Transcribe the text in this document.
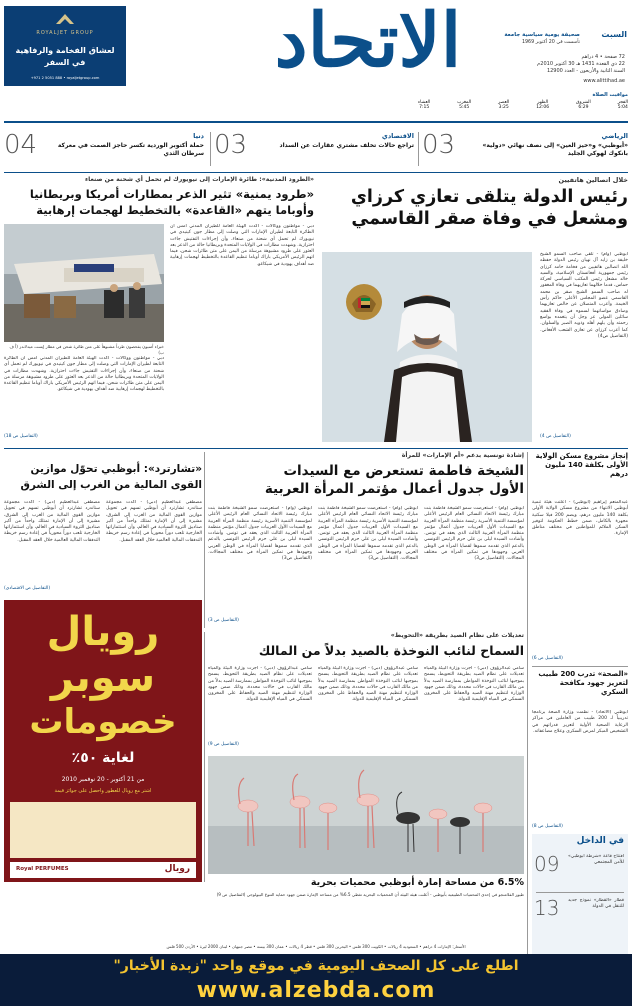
ROYALJET GROUP
لعشاق الفخامة والرفاهية
في السفر
+971 2 5051 888 • royaljetgroup.com	الاتحاد	السبت
صحيفة يومية سياسية جامعة
تأسست في 20 أكتوبر 1969
72 صفحة • 4 دراهم
22 ذي القعدة 1431 هـ 30 أكتوبر 2010م
السنة الثانية والأربعون - العدد 12900
www.alittihad.ae
مواقيت الصلاة
الفجر
5:04
الشروق
6:29
الظهر
12:06
العصر
3:25
المغرب
5:45
العشاء
7:15
03	الرياضي
«أبوظبي» و«خيز العين» إلى نصف نهائي «دولية» بانكوك لهوكي الجليد
03	الاقتصادي
تراجع حالات تخلف مشتري عقارات عن السداد
04	دنيا
حملة أكتوبر الوردية تكسر حاجز الصمت في معركة سرطان الثدي
خلال اتصالين هاتفيين
رئيس الدولة يتلقى تعازي كرزاي
ومشعل في وفاة صقر القاسمي

أبوظبي (وام) - تلقى صاحب السمو الشيخ خليفة بن زايد آل نهيان رئيس الدولة حفظه الله اتصالين هاتفيين من فخامة حامد كرزاي رئيس جمهورية أفغانستان الإسلامية، والسيد خالد مشعل رئيس المكتب السياسي لحركة حماس، قدما خلالهما تعازيهما في وفاة المغفور له صاحب السمو الشيخ صقر بن محمد القاسمي عضو المجلس الأعلى حاكم رأس الخيمة. وأعرب المتصلان عن خالص تعازيهما وصادق مواساتهما لسموه في وفاة الفقيد سائلين المولى عز وجل أن يتغمده بواسع رحمته وأن يلهم أهله وذويه الصبر والسلوان. كما أعرب كرزاي عن تعازي الشعب الأفغاني. (التفاصيل ص4)

(التفاصيل ص 4)
«الطرود المدنية»: طائرة الإمارات إلى نيويورك لم تحمل أي شحنة من صنعاء
«طرود يمنية» تثير الذعر بمطارات أمريكا وبريطانيا
وأوباما يتهم «القاعدة» بالتخطيط لهجمات إرهابية
خبراء أمنيون يفحصون طرداً مشبوهاً على متن طائرة شحن في مطار إيست ميدلاندز (أ ف ب)

دبي - مواطنون ووكالات - أكدت الهيئة العامة للطيران المدني أمس أن الطائرة التابعة لطيران الإمارات التي وصلت إلى مطار جون كينيدي في نيويورك لم تحمل أي شحنة من صنعاء، وأن إجراءات التفتيش جاءت احترازية. وشهدت مطارات في الولايات المتحدة وبريطانيا حالة من الذعر بعد العثور على طرود مشبوهة مرسلة من اليمن على متن طائرات شحن، فيما اتهم الرئيس الأمريكي باراك أوباما تنظيم القاعدة بالتخطيط لهجمات إرهابية ضد أهداف يهودية في شيكاغو.

دبي - مواطنون ووكالات - أكدت الهيئة العامة للطيران المدني أمس أن الطائرة التابعة لطيران الإمارات التي وصلت إلى مطار جون كينيدي في نيويورك لم تحمل أي شحنة من صنعاء، وأن إجراءات التفتيش جاءت احترازية. وشهدت مطارات في الولايات المتحدة وبريطانيا حالة من الذعر بعد العثور على طرود مشبوهة مرسلة من اليمن على متن طائرات شحن، فيما اتهم الرئيس الأمريكي باراك أوباما تنظيم القاعدة بالتخطيط لهجمات إرهابية ضد أهداف يهودية في شيكاغو.

(التفاصيل ص 18)
إنجاز مشروع مسكن الولاية الأولى بكلفة 140 مليون درهم

عبدالمنعم إبراهيم (أبوظبي) - أعلنت هيئة تنمية أبوظبي الانتهاء من مشروع مسكن الولاية الأولى بكلفة 140 مليون درهم، ويضم 200 فيلا سكنية مجهزة بالكامل، ضمن خطط الحكومة لتوفير السكن الملائم للمواطنين في مختلف مناطق الإمارة.

(التفاصيل ص 6)
«الصحة» تدرب 200 طبيب لتعزيز جهود مكافحة السكري

أبوظبي (الاتحاد) - نظمت وزارة الصحة برنامجاً تدريبياً لـ 200 طبيب من العاملين في مراكز الرعاية الصحية الأولية لتعزيز قدراتهم في التشخيص المبكر لمرض السكري وعلاج مضاعفاته.

(التفاصيل ص 8)
في الداخل
09 افتتاح قاعة «شرطة أبوظبي» للأمن المجتمعي
13 قطار «القطار» نموذج جديد للتنقل في الدولة
إشادة تونسية بدعم «أم الإمارات» للمرأة
الشيخة فاطمة تستعرض مع السيدات
الأول جدول أعمال مؤتمر المرأة العربية

أبوظبي (وام) - استعرضت سمو الشيخة فاطمة بنت مبارك رئيسة الاتحاد النسائي العام الرئيس الأعلى لمؤسسة التنمية الأسرية رئيسة منظمة المرأة العربية مع السيدات الأول العربيات جدول أعمال مؤتمر منظمة المرأة العربية الثالث الذي يعقد في تونس. وأشادت السيدة ليلى بن علي حرم الرئيس التونسي بالدعم الذي تقدمه سموها لقضايا المرأة في الوطن العربي وجهودها في تمكين المرأة في مختلف المجالات. (التفاصيل ص3)

أبوظبي (وام) - استعرضت سمو الشيخة فاطمة بنت مبارك رئيسة الاتحاد النسائي العام الرئيس الأعلى لمؤسسة التنمية الأسرية رئيسة منظمة المرأة العربية مع السيدات الأول العربيات جدول أعمال مؤتمر منظمة المرأة العربية الثالث الذي يعقد في تونس. وأشادت السيدة ليلى بن علي حرم الرئيس التونسي بالدعم الذي تقدمه سموها لقضايا المرأة في الوطن العربي وجهودها في تمكين المرأة في مختلف المجالات. (التفاصيل ص3)

أبوظبي (وام) - استعرضت سمو الشيخة فاطمة بنت مبارك رئيسة الاتحاد النسائي العام الرئيس الأعلى لمؤسسة التنمية الأسرية رئيسة منظمة المرأة العربية مع السيدات الأول العربيات جدول أعمال مؤتمر منظمة المرأة العربية الثالث الذي يعقد في تونس. وأشادت السيدة ليلى بن علي حرم الرئيس التونسي بالدعم الذي تقدمه سموها لقضايا المرأة في الوطن العربي وجهودها في تمكين المرأة في مختلف المجالات. (التفاصيل ص3)

(التفاصيل ص 3)
«تشارترد»: أبوظبي تحوّل موازين
القوى المالية من الغرب إلى الشرق

مصطفى عبدالعظيم (دبي) - أكدت مجموعة ستاندرد تشارترد أن أبوظبي تسهم في تحويل موازين القوى المالية من الغرب إلى الشرق، مشيرة إلى أن الإمارة تمتلك واحداً من أكبر صناديق الثروة السيادية في العالم، وأن استثماراتها الخارجية تلعب دوراً محورياً في إعادة رسم خريطة التدفقات المالية العالمية خلال العقد المقبل.

مصطفى عبدالعظيم (دبي) - أكدت مجموعة ستاندرد تشارترد أن أبوظبي تسهم في تحويل موازين القوى المالية من الغرب إلى الشرق، مشيرة إلى أن الإمارة تمتلك واحداً من أكبر صناديق الثروة السيادية في العالم، وأن استثماراتها الخارجية تلعب دوراً محورياً في إعادة رسم خريطة التدفقات المالية العالمية خلال العقد المقبل.

(التفاصيل ص الاقتصادي)
رويال
سوبر
خصومات
لغاية ٥٠٪
من 21 أكتوبر - 20 نوفمبر 2010
اشتر مع رويال للعطور واحصل على جوائز قيمة
رويال
Royal PERFUMES
تعديلات على نظام الصيد بطريقة «التحويط»
السماح لنائب النوخذة بالصيد بدلاً من المالك

سامي عبدالرؤوف (دبي) - أجرت وزارة البيئة والمياه تعديلات على نظام الصيد بطريقة التحويط، يسمح بموجبها لنائب النوخذة المواطن بممارسة الصيد بدلاً من مالك القارب في حالات محددة، وذلك ضمن جهود الوزارة لتنظيم مهنة الصيد والحفاظ على المخزون السمكي في المياه الإقليمية للدولة.

سامي عبدالرؤوف (دبي) - أجرت وزارة البيئة والمياه تعديلات على نظام الصيد بطريقة التحويط، يسمح بموجبها لنائب النوخذة المواطن بممارسة الصيد بدلاً من مالك القارب في حالات محددة، وذلك ضمن جهود الوزارة لتنظيم مهنة الصيد والحفاظ على المخزون السمكي في المياه الإقليمية للدولة.

سامي عبدالرؤوف (دبي) - أجرت وزارة البيئة والمياه تعديلات على نظام الصيد بطريقة التحويط، يسمح بموجبها لنائب النوخذة المواطن بممارسة الصيد بدلاً من مالك القارب في حالات محددة، وذلك ضمن جهود الوزارة لتنظيم مهنة الصيد والحفاظ على المخزون السمكي في المياه الإقليمية للدولة.

(التفاصيل ص 9)
6.5% من مساحة إمارة أبوظبي محميات بحرية
طيور الفلامنجو في إحدى المحميات الطبيعية بأبوظبي - أعلنت هيئة البيئة أن المحميات البحرية تغطي 6.5% من مساحة الإمارة ضمن جهود حماية التنوع البيولوجي (التفاصيل ص 9)
الأسعار: الإمارات 4 دراهم • السعودية 4 ريالات • الكويت 300 فلس • البحرين 300 فلس • قطر 4 ريالات • عمان 300 بيسة • مصر جنيهان • لبنان 2000 ليرة • الأردن 500 فلس
اطلع على كل الصحف اليومية في موقع واحد "زبدة الأخبار"
www.alzebda.com
